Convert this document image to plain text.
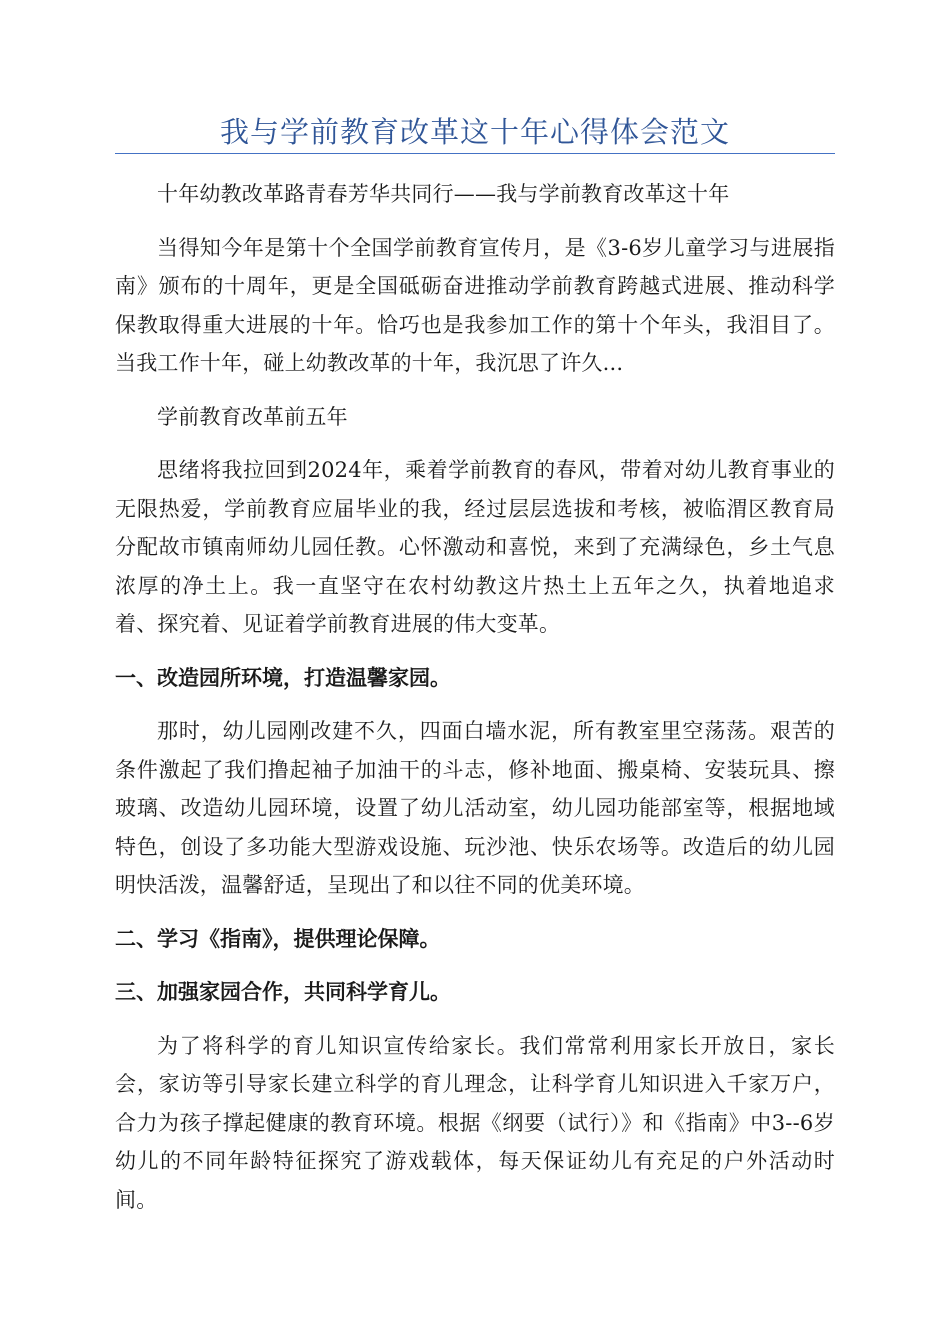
我与学前教育改革这十年心得体会范文

十年幼教改革路青春芳华共同行——我与学前教育改革这十年

当得知今年是第十个全国学前教育宣传月，是《3-6岁儿童学习与进展指南》颁布的十周年，更是全国砥砺奋进推动学前教育跨越式进展、推动科学保教取得重大进展的十年。恰巧也是我参加工作的第十个年头，我泪目了。当我工作十年，碰上幼教改革的十年，我沉思了许久...

学前教育改革前五年

思绪将我拉回到2024年，乘着学前教育的春风，带着对幼儿教育事业的无限热爱，学前教育应届毕业的我，经过层层选拔和考核，被临渭区教育局分配故市镇南师幼儿园任教。心怀激动和喜悦，来到了充满绿色，乡土气息浓厚的净土上。我一直坚守在农村幼教这片热土上五年之久，执着地追求着、探究着、见证着学前教育进展的伟大变革。

一、改造园所环境，打造温馨家园。

那时，幼儿园刚改建不久，四面白墙水泥，所有教室里空荡荡。艰苦的条件激起了我们撸起袖子加油干的斗志，修补地面、搬桌椅、安装玩具、擦玻璃、改造幼儿园环境，设置了幼儿活动室，幼儿园功能部室等，根据地域特色，创设了多功能大型游戏设施、玩沙池、快乐农场等。改造后的幼儿园明快活泼，温馨舒适，呈现出了和以往不同的优美环境。

二、学习《指南》，提供理论保障。

三、加强家园合作，共同科学育儿。

为了将科学的育儿知识宣传给家长。我们常常利用家长开放日，家长会，家访等引导家长建立科学的育儿理念，让科学育儿知识进入千家万户，合力为孩子撑起健康的教育环境。根据《纲要（试行）》和《指南》中3--6岁幼儿的不同年龄特征探究了游戏载体，每天保证幼儿有充足的户外活动时间。
